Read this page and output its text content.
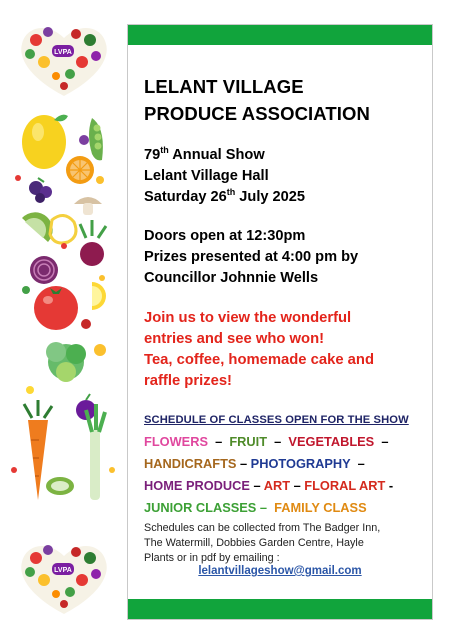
LVPA
LVPA
LELANT VILLAGE
PRODUCE ASSOCIATION
79th Annual Show
Lelant Village Hall
Saturday 26th July 2025
Doors open at 12:30pm
Prizes presented at 4:00 pm by
Councillor Johnnie Wells
Join us to view the wonderful
entries and see who won!
Tea, coffee, homemade cake and
raffle prizes!
SCHEDULE OF CLASSES OPEN FOR THE SHOW
FLOWERS – FRUIT – VEGETABLES –
HANDICRAFTS – PHOTOGRAPHY –
HOME PRODUCE – ART – FLORAL ART -
JUNIOR CLASSES – FAMILY CLASS
Schedules can be collected from The Badger Inn,
The Watermill, Dobbies Garden Centre, Hayle
Plants or in pdf by emailing :
lelantvillageshow@gmail.com
